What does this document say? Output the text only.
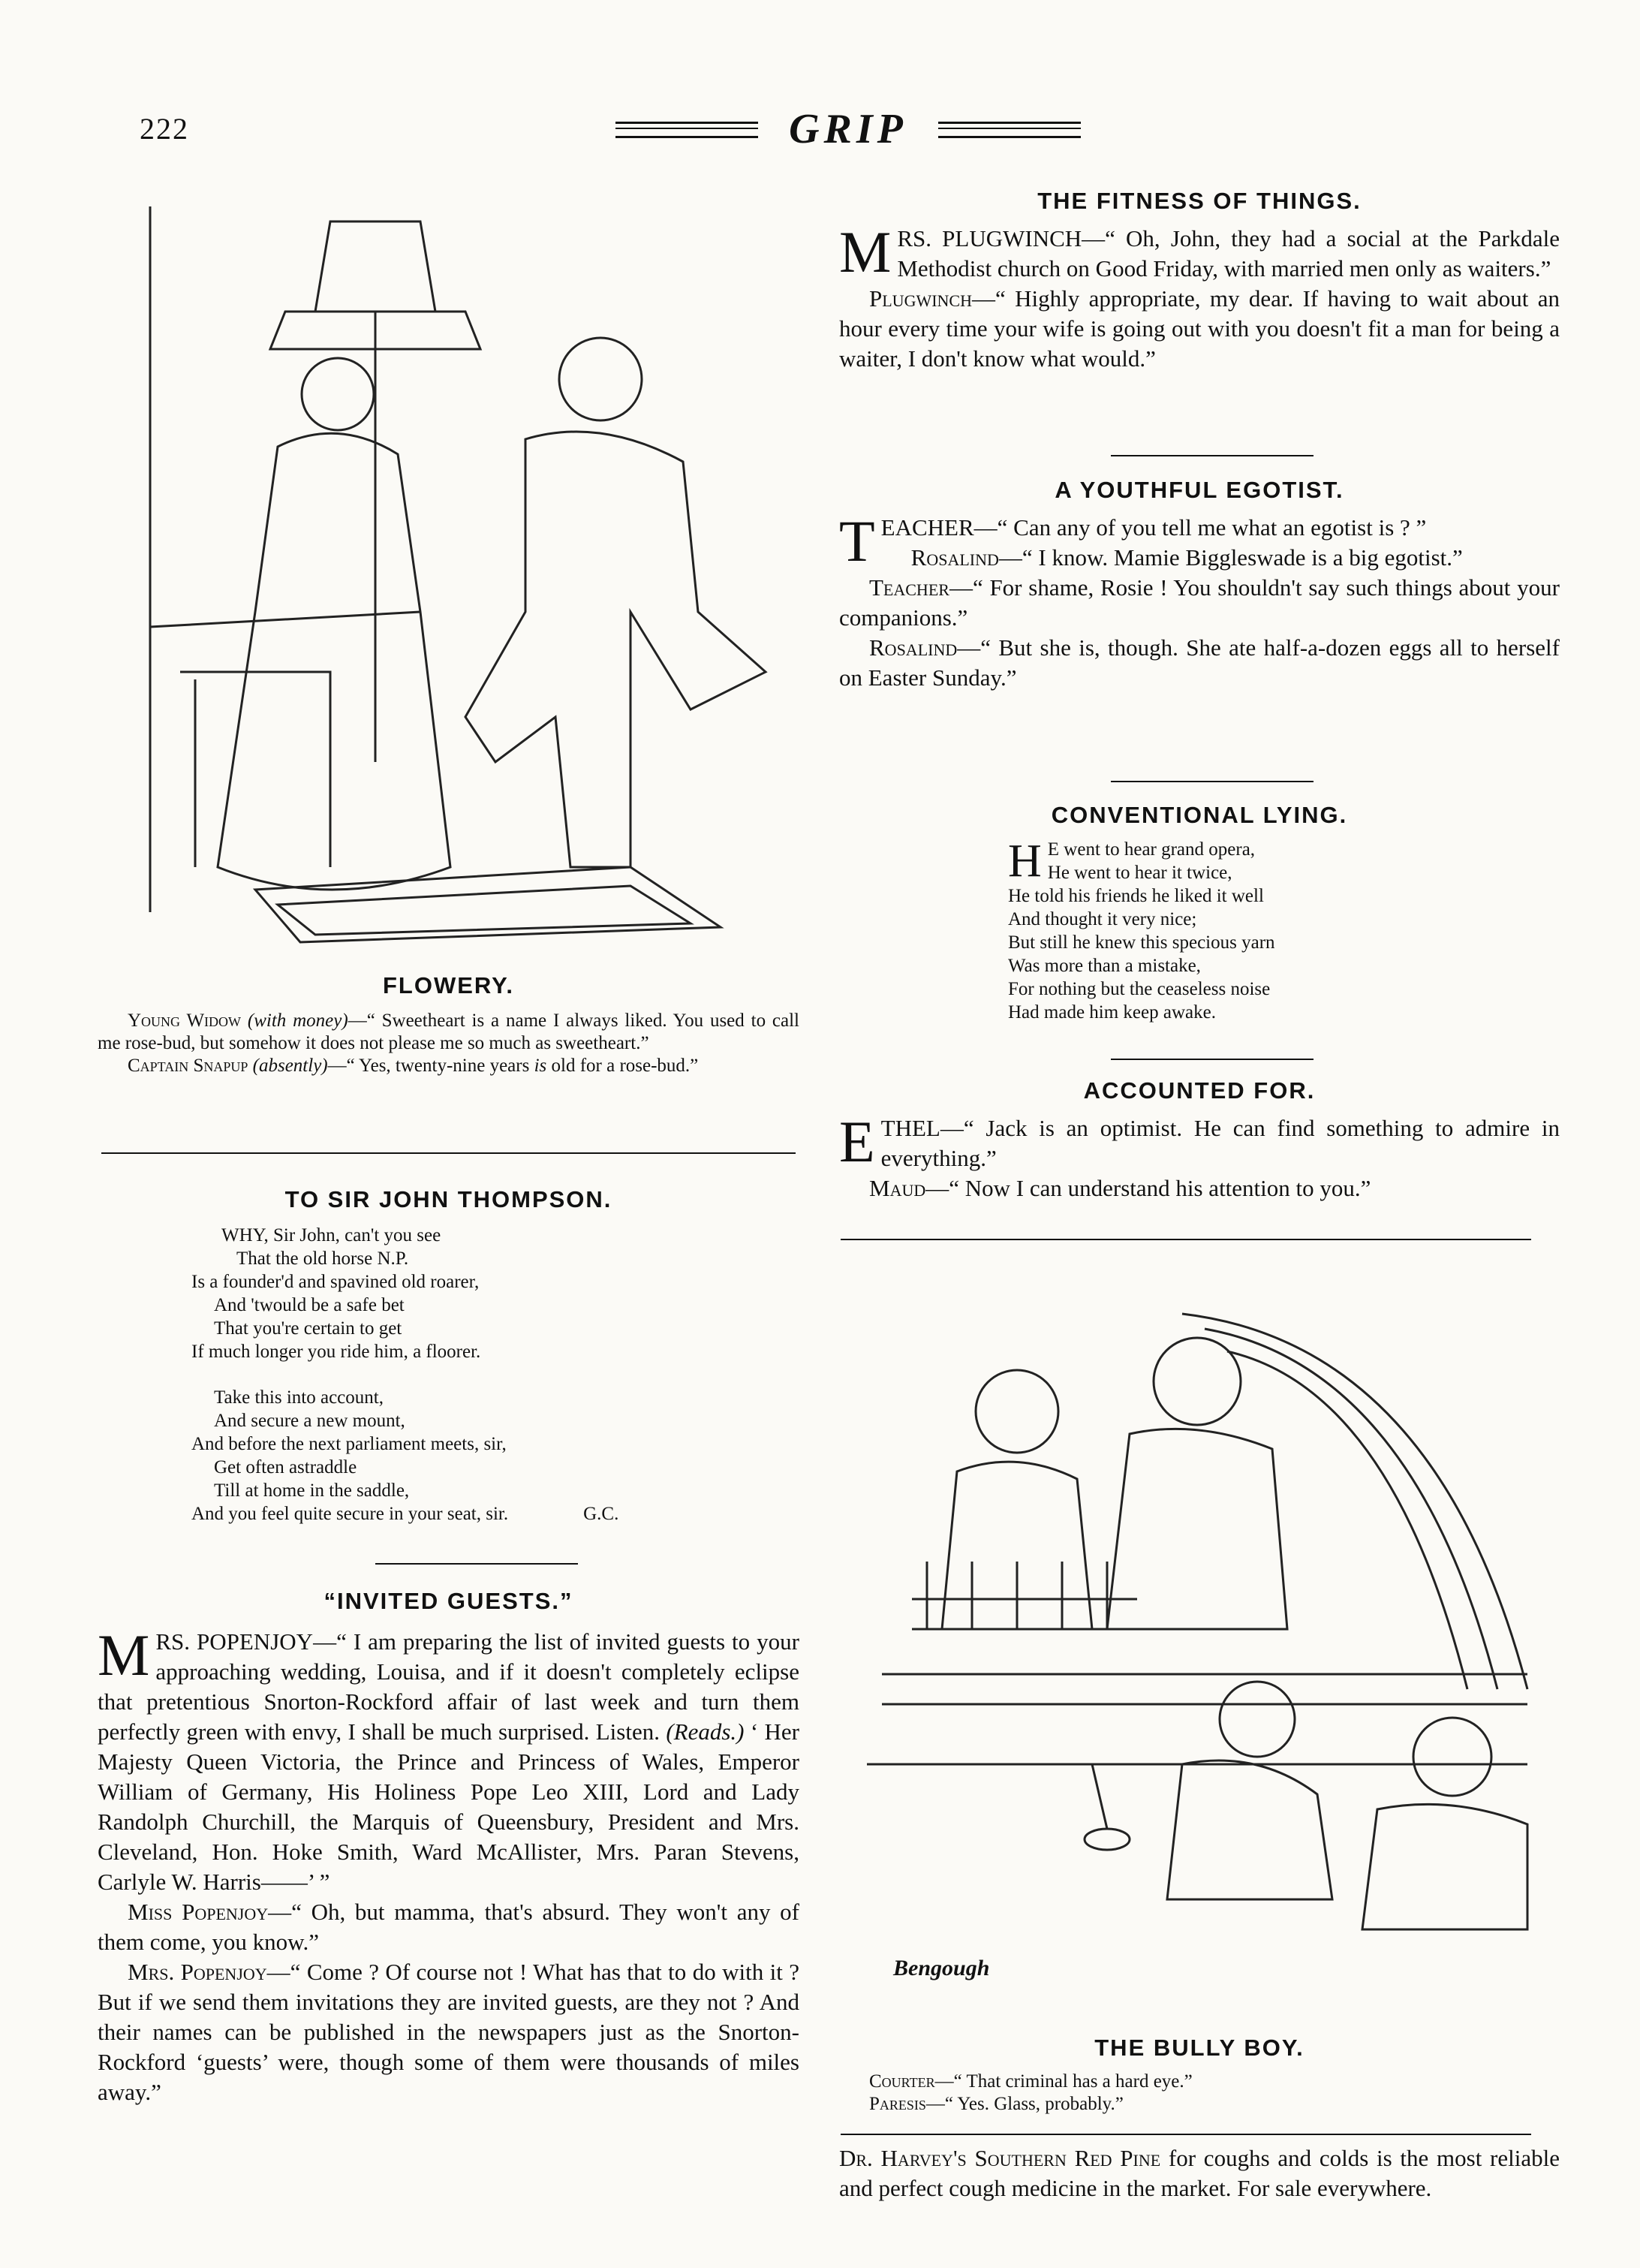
222	GRIP
FLOWERY.

Young Widow (with money)—“ Sweetheart is a name I always liked. You used to call me rose-bud, but somehow it does not please me so much as sweetheart.”

Captain Snapup (absently)—“ Yes, twenty-nine years is old for a rose-bud.”

TO SIR JOHN THOMPSON.
WHY, Sir John, can't you see
That the old horse N.P.
Is a founder'd and spavined old roarer,
And 'twould be a safe bet
That you're certain to get
If much longer you ride him, a floorer.
Take this into account,
And secure a new mount,
And before the next parliament meets, sir,
Get often astraddle
Till at home in the saddle,
And you feel quite secure in your seat, sir.	G.C.
“INVITED GUESTS.”

MRS. POPENJOY—“ I am preparing the list of invited guests to your approaching wedding, Louisa, and if it doesn't completely eclipse that pretentious Snorton-Rockford affair of last week and turn them perfectly green with envy, I shall be much surprised. Listen. (Reads.) ‘ Her Majesty Queen Victoria, the Prince and Princess of Wales, Emperor William of Germany, His Holiness Pope Leo XIII, Lord and Lady Randolph Churchill, the Marquis of Queensbury, President and Mrs. Cleveland, Hon. Hoke Smith, Ward McAllister, Mrs. Paran Stevens, Carlyle W. Harris——’ ”

Miss Popenjoy—“ Oh, but mamma, that's absurd. They won't any of them come, you know.”

Mrs. Popenjoy—“ Come ? Of course not ! What has that to do with it ? But if we send them invitations they are invited guests, are they not ? And their names can be published in the newspapers just as the Snorton-Rockford ‘guests’ were, though some of them were thousands of miles away.”

THE FITNESS OF THINGS.

MRS. PLUGWINCH—“ Oh, John, they had a social at the Parkdale Methodist church on Good Friday, with married men only as waiters.”

Plugwinch—“ Highly appropriate, my dear. If having to wait about an hour every time your wife is going out with you doesn't fit a man for being a waiter, I don't know what would.”

A YOUTHFUL EGOTIST.

TEACHER—“ Can any of you tell me what an egotist is ? ”

Rosalind—“ I know. Mamie Biggleswade is a big egotist.”

Teacher—“ For shame, Rosie ! You shouldn't say such things about your companions.”

Rosalind—“ But she is, though. She ate half-a-dozen eggs all to herself on Easter Sunday.”

CONVENTIONAL LYING.
H E went to hear grand opera,
He went to hear it twice,
He told his friends he liked it well
And thought it very nice;
But still he knew this specious yarn
Was more than a mistake,
For nothing but the ceaseless noise
Had made him keep awake.
ACCOUNTED FOR.

ETHEL—“ Jack is an optimist. He can find something to admire in everything.”

Maud—“ Now I can understand his attention to you.”

Bengough
THE BULLY BOY.

Courter—“ That criminal has a hard eye.”

Paresis—“ Yes. Glass, probably.”

Dr. Harvey's Southern Red Pine for coughs and colds is the most reliable and perfect cough medicine in the market. For sale everywhere.
